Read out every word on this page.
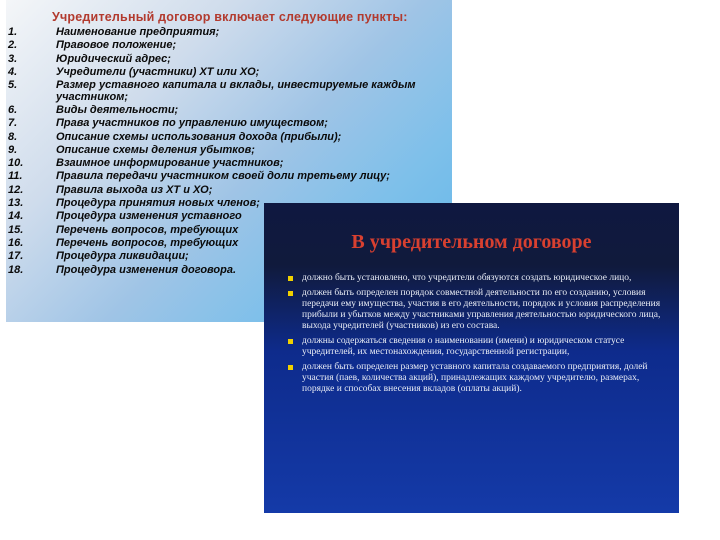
Учредительный договор включает следующие пункты:
1.	Наименование предприятия;
2.	Правовое положение;
3.	Юридический адрес;
4.	Учредители (участники) ХТ или ХО;
5.	Размер уставного капитала и вклады, инвестируемые каждым участником;
6.	Виды деятельности;
7.	Права участников по управлению имуществом;
8.	Описание схемы использования дохода (прибыли);
9.	Описание схемы деления убытков;
10.	Взаимное информирование участников;
11.	Правила передачи участником своей доли третьему лицу;
12.	Правила выхода из ХТ и ХО;
13.	Процедура принятия новых членов;
14.	Процедура изменения уставного
15.	Перечень вопросов, требующих
16.	Перечень вопросов, требующих
17.	Процедура ликвидации;
18.	Процедура изменения договора.
В учредительном договоре
должно быть установлено, что учредители обязуются создать юридическое лицо,
должен быть определен порядок совместной деятельности по его созданию, условия передачи ему имущества, участия в его деятельности, порядок и условия распределения прибыли и убытков между участниками управления деятельностью юридического лица, выхода учредителей (участников) из его состава.
должны содержаться сведения о наименовании (имени) и юридическом статусе учредителей, их местонахождения, государственной регистрации,
должен быть определен размер уставного капитала создаваемого предприятия, долей участия (паев, количества акций), принадлежащих каждому учредителю, размерах, порядке и способах внесения вкладов (оплаты акций).
